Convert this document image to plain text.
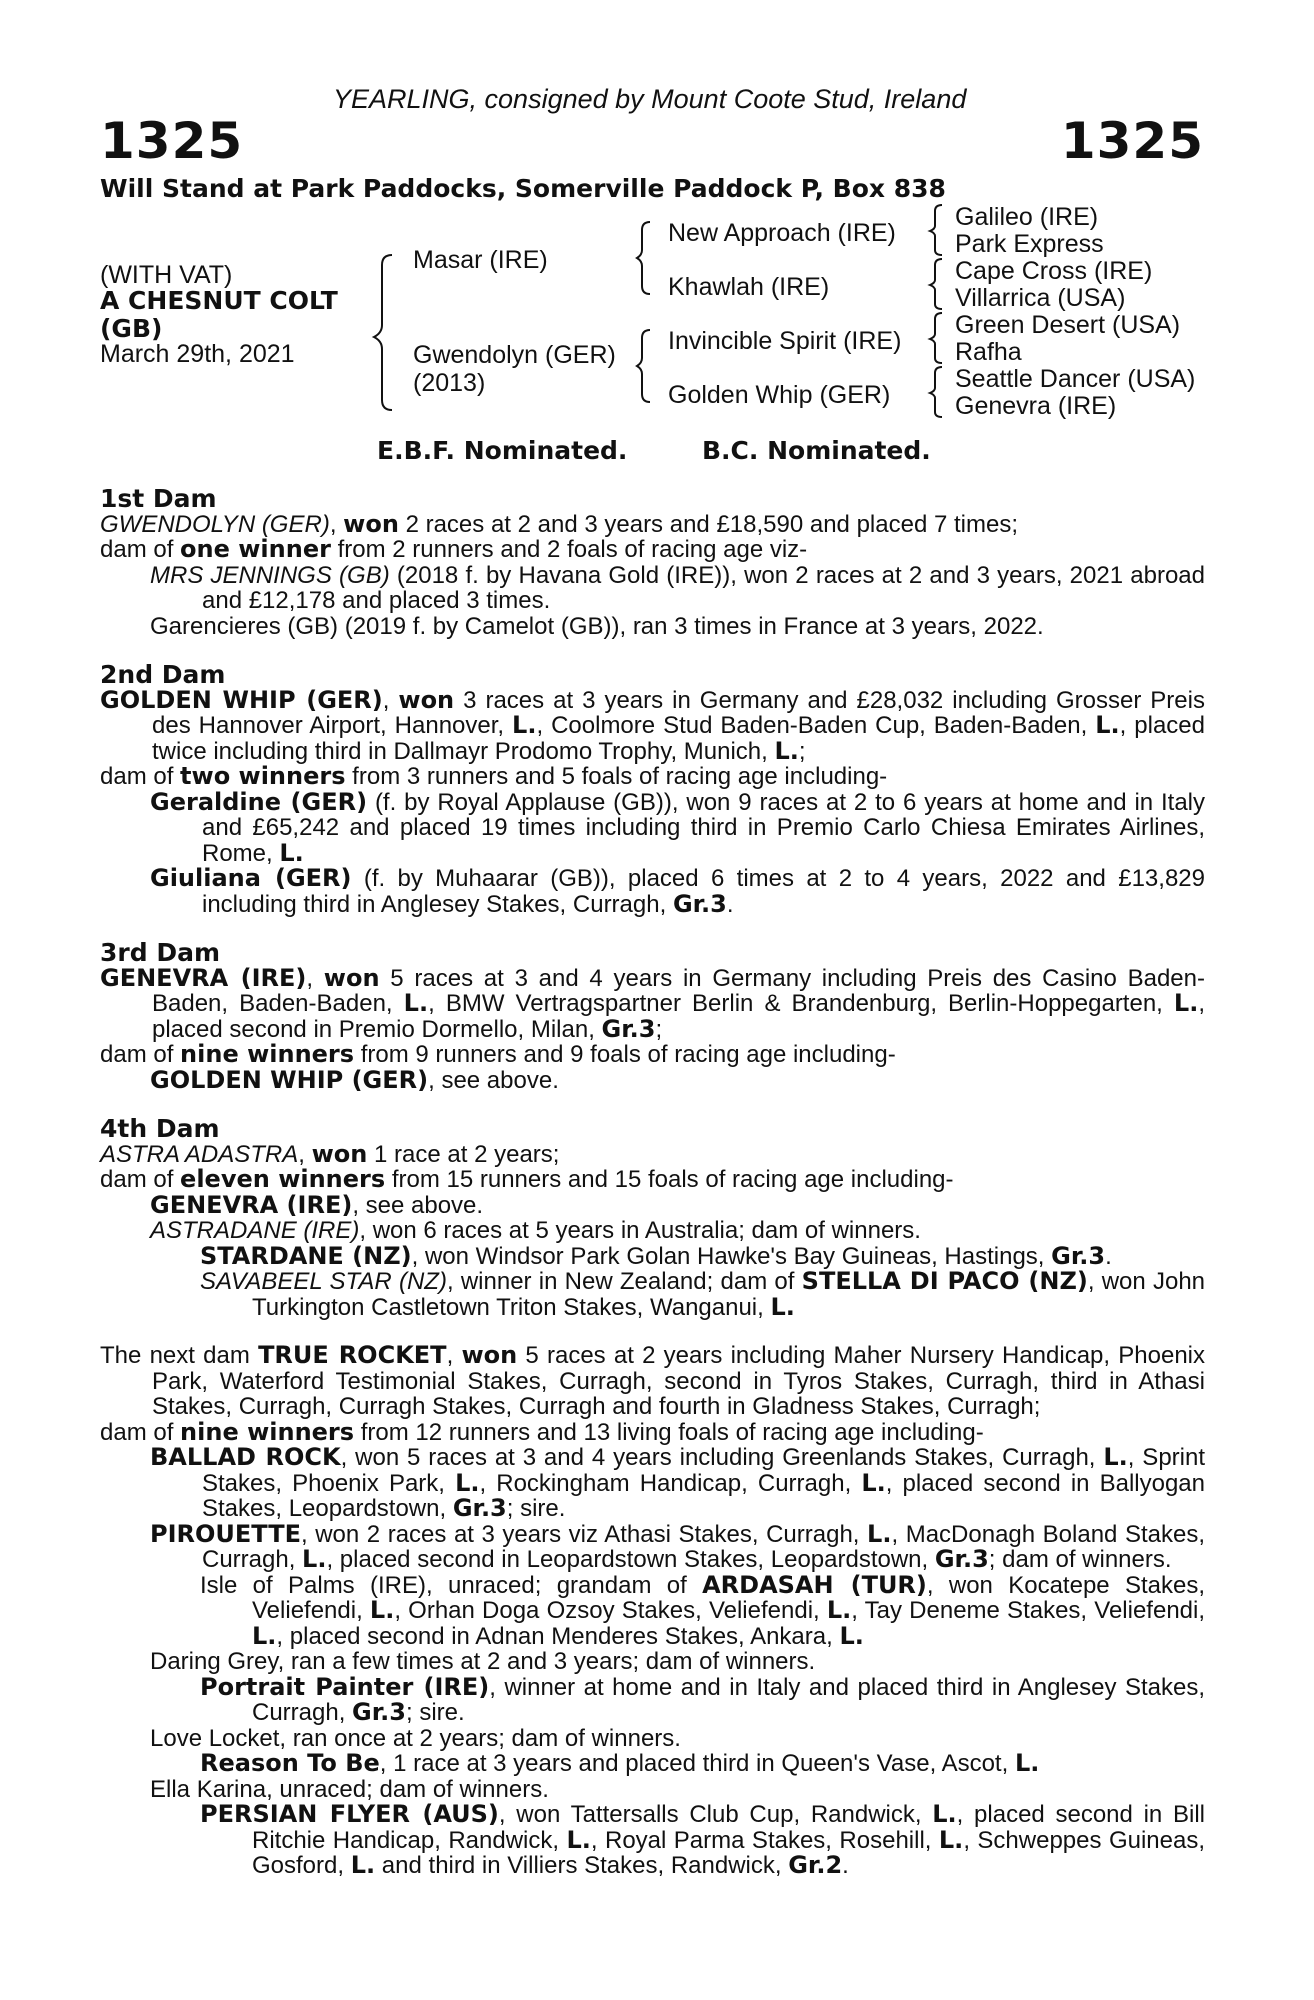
YEARLING, consigned by Mount Coote Stud, Ireland
1325	1325
Will Stand at Park Paddocks, Somerville Paddock P, Box 838
(WITH VAT)
A CHESNUT COLT
(GB)
March 29th, 2021
Masar (IRE)
Gwendolyn (GER)
(2013)
New Approach (IRE)
Khawlah (IRE)
Invincible Spirit (IRE)
Golden Whip (GER)
Galileo (IRE)
Park Express
Cape Cross (IRE)
Villarrica (USA)
Green Desert (USA)
Rafha
Seattle Dancer (USA)
Genevra (IRE)
E.B.F. Nominated.	B.C. Nominated.
1st Dam
GWENDOLYN (GER), won 2 races at 2 and 3 years and £18,590 and placed 7 times;
dam of one winner from 2 runners and 2 foals of racing age viz-
MRS JENNINGS (GB) (2018 f. by Havana Gold (IRE)), won 2 races at 2 and 3 years, 2021 abroad and £12,178 and placed 3 times.
Garencieres (GB) (2019 f. by Camelot (GB)), ran 3 times in France at 3 years, 2022.
2nd Dam
GOLDEN WHIP (GER), won 3 races at 3 years in Germany and £28,032 including Grosser Preis des Hannover Airport, Hannover, L., Coolmore Stud Baden-Baden Cup, Baden-Baden, L., placed twice including third in Dallmayr Prodomo Trophy, Munich, L.;
dam of two winners from 3 runners and 5 foals of racing age including-
Geraldine (GER) (f. by Royal Applause (GB)), won 9 races at 2 to 6 years at home and in Italy and £65,242 and placed 19 times including third in Premio Carlo Chiesa Emirates Airlines, Rome, L.
Giuliana (GER) (f. by Muhaarar (GB)), placed 6 times at 2 to 4 years, 2022 and £13,829 including third in Anglesey Stakes, Curragh, Gr.3.
3rd Dam
GENEVRA (IRE), won 5 races at 3 and 4 years in Germany including Preis des Casino Baden-Baden, Baden-Baden, L., BMW Vertragspartner Berlin & Brandenburg, Berlin-Hoppegarten, L., placed second in Premio Dormello, Milan, Gr.3;
dam of nine winners from 9 runners and 9 foals of racing age including-
GOLDEN WHIP (GER), see above.
4th Dam
ASTRA ADASTRA, won 1 race at 2 years;
dam of eleven winners from 15 runners and 15 foals of racing age including-
GENEVRA (IRE), see above.
ASTRADANE (IRE), won 6 races at 5 years in Australia; dam of winners.
STARDANE (NZ), won Windsor Park Golan Hawke's Bay Guineas, Hastings, Gr.3.
SAVABEEL STAR (NZ), winner in New Zealand; dam of STELLA DI PACO (NZ), won John Turkington Castletown Triton Stakes, Wanganui, L.
The next dam TRUE ROCKET, won 5 races at 2 years including Maher Nursery Handicap, Phoenix Park, Waterford Testimonial Stakes, Curragh, second in Tyros Stakes, Curragh, third in Athasi Stakes, Curragh, Curragh Stakes, Curragh and fourth in Gladness Stakes, Curragh;
dam of nine winners from 12 runners and 13 living foals of racing age including-
BALLAD ROCK, won 5 races at 3 and 4 years including Greenlands Stakes, Curragh, L., Sprint Stakes, Phoenix Park, L., Rockingham Handicap, Curragh, L., placed second in Ballyogan Stakes, Leopardstown, Gr.3; sire.
PIROUETTE, won 2 races at 3 years viz Athasi Stakes, Curragh, L., MacDonagh Boland Stakes, Curragh, L., placed second in Leopardstown Stakes, Leopardstown, Gr.3; dam of winners.
Isle of Palms (IRE), unraced; grandam of ARDASAH (TUR), won Kocatepe Stakes, Veliefendi, L., Orhan Doga Ozsoy Stakes, Veliefendi, L., Tay Deneme Stakes, Veliefendi, L., placed second in Adnan Menderes Stakes, Ankara, L.
Daring Grey, ran a few times at 2 and 3 years; dam of winners.
Portrait Painter (IRE), winner at home and in Italy and placed third in Anglesey Stakes, Curragh, Gr.3; sire.
Love Locket, ran once at 2 years; dam of winners.
Reason To Be, 1 race at 3 years and placed third in Queen's Vase, Ascot, L.
Ella Karina, unraced; dam of winners.
PERSIAN FLYER (AUS), won Tattersalls Club Cup, Randwick, L., placed second in Bill Ritchie Handicap, Randwick, L., Royal Parma Stakes, Rosehill, L., Schweppes Guineas, Gosford, L. and third in Villiers Stakes, Randwick, Gr.2.
